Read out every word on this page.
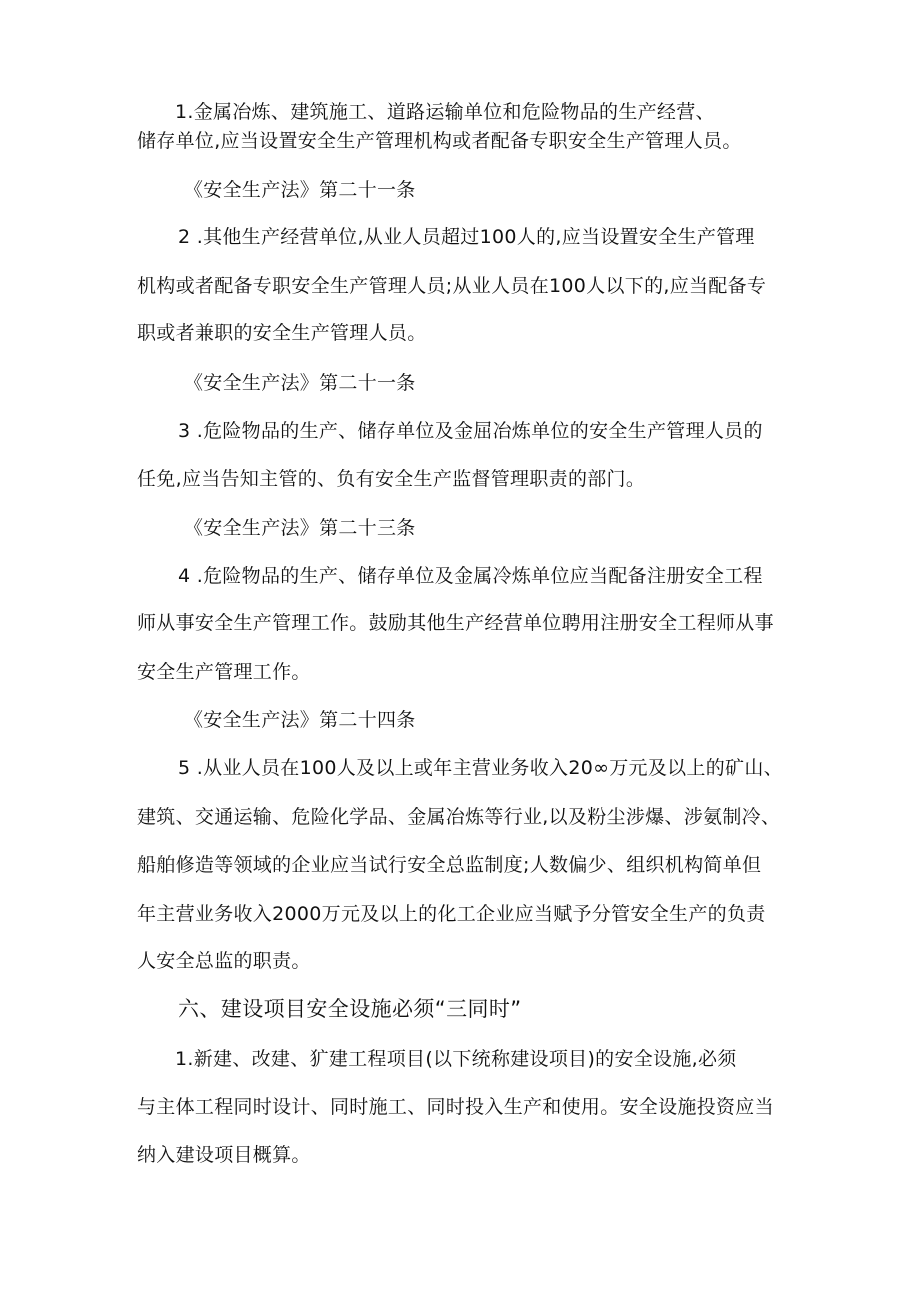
1.金属冶炼、建筑施工、道路运输单位和危险物品的生产经营、
储存单位,应当设置安全生产管理机构或者配备专职安全生产管理人员。
《安全生产法》第二十一条
2 .其他生产经营单位,从业人员超过100人的,应当设置安全生产管理
机构或者配备专职安全生产管理人员;从业人员在100人以下的,应当配备专
职或者兼职的安全生产管理人员。
《安全生产法》第二十一条
3 .危险物品的生产、储存单位及金屈冶炼单位的安全生产管理人员的
任免,应当告知主管的、负有安全生产监督管理职责的部门。
《安全生产法》第二十三条
4 .危险物品的生产、储存单位及金属冷炼单位应当配备注册安全工程
师从事安全生产管理工作。鼓励其他生产经营单位聘用注册安全工程师从事
安全生产管理工作。
《安全生产法》第二十四条
5 .从业人员在100人及以上或年主营业务收入20∞万元及以上的矿山、
建筑、交通运输、危险化学品、金属冶炼等行业,以及粉尘涉爆、涉氨制冷、
船舶修造等领域的企业应当试行安全总监制度;人数偏少、组织机构简单但
年主营业务收入2000万元及以上的化工企业应当赋予分管安全生产的负责
人安全总监的职责。
六、建设项目安全设施必须“三同时”
1.新建、改建、犷建工程项目(以下统称建设项目)的安全设施,必须
与主体工程同时设计、同时施工、同时投入生产和使用。安全设施投资应当
纳入建设项目概算。
